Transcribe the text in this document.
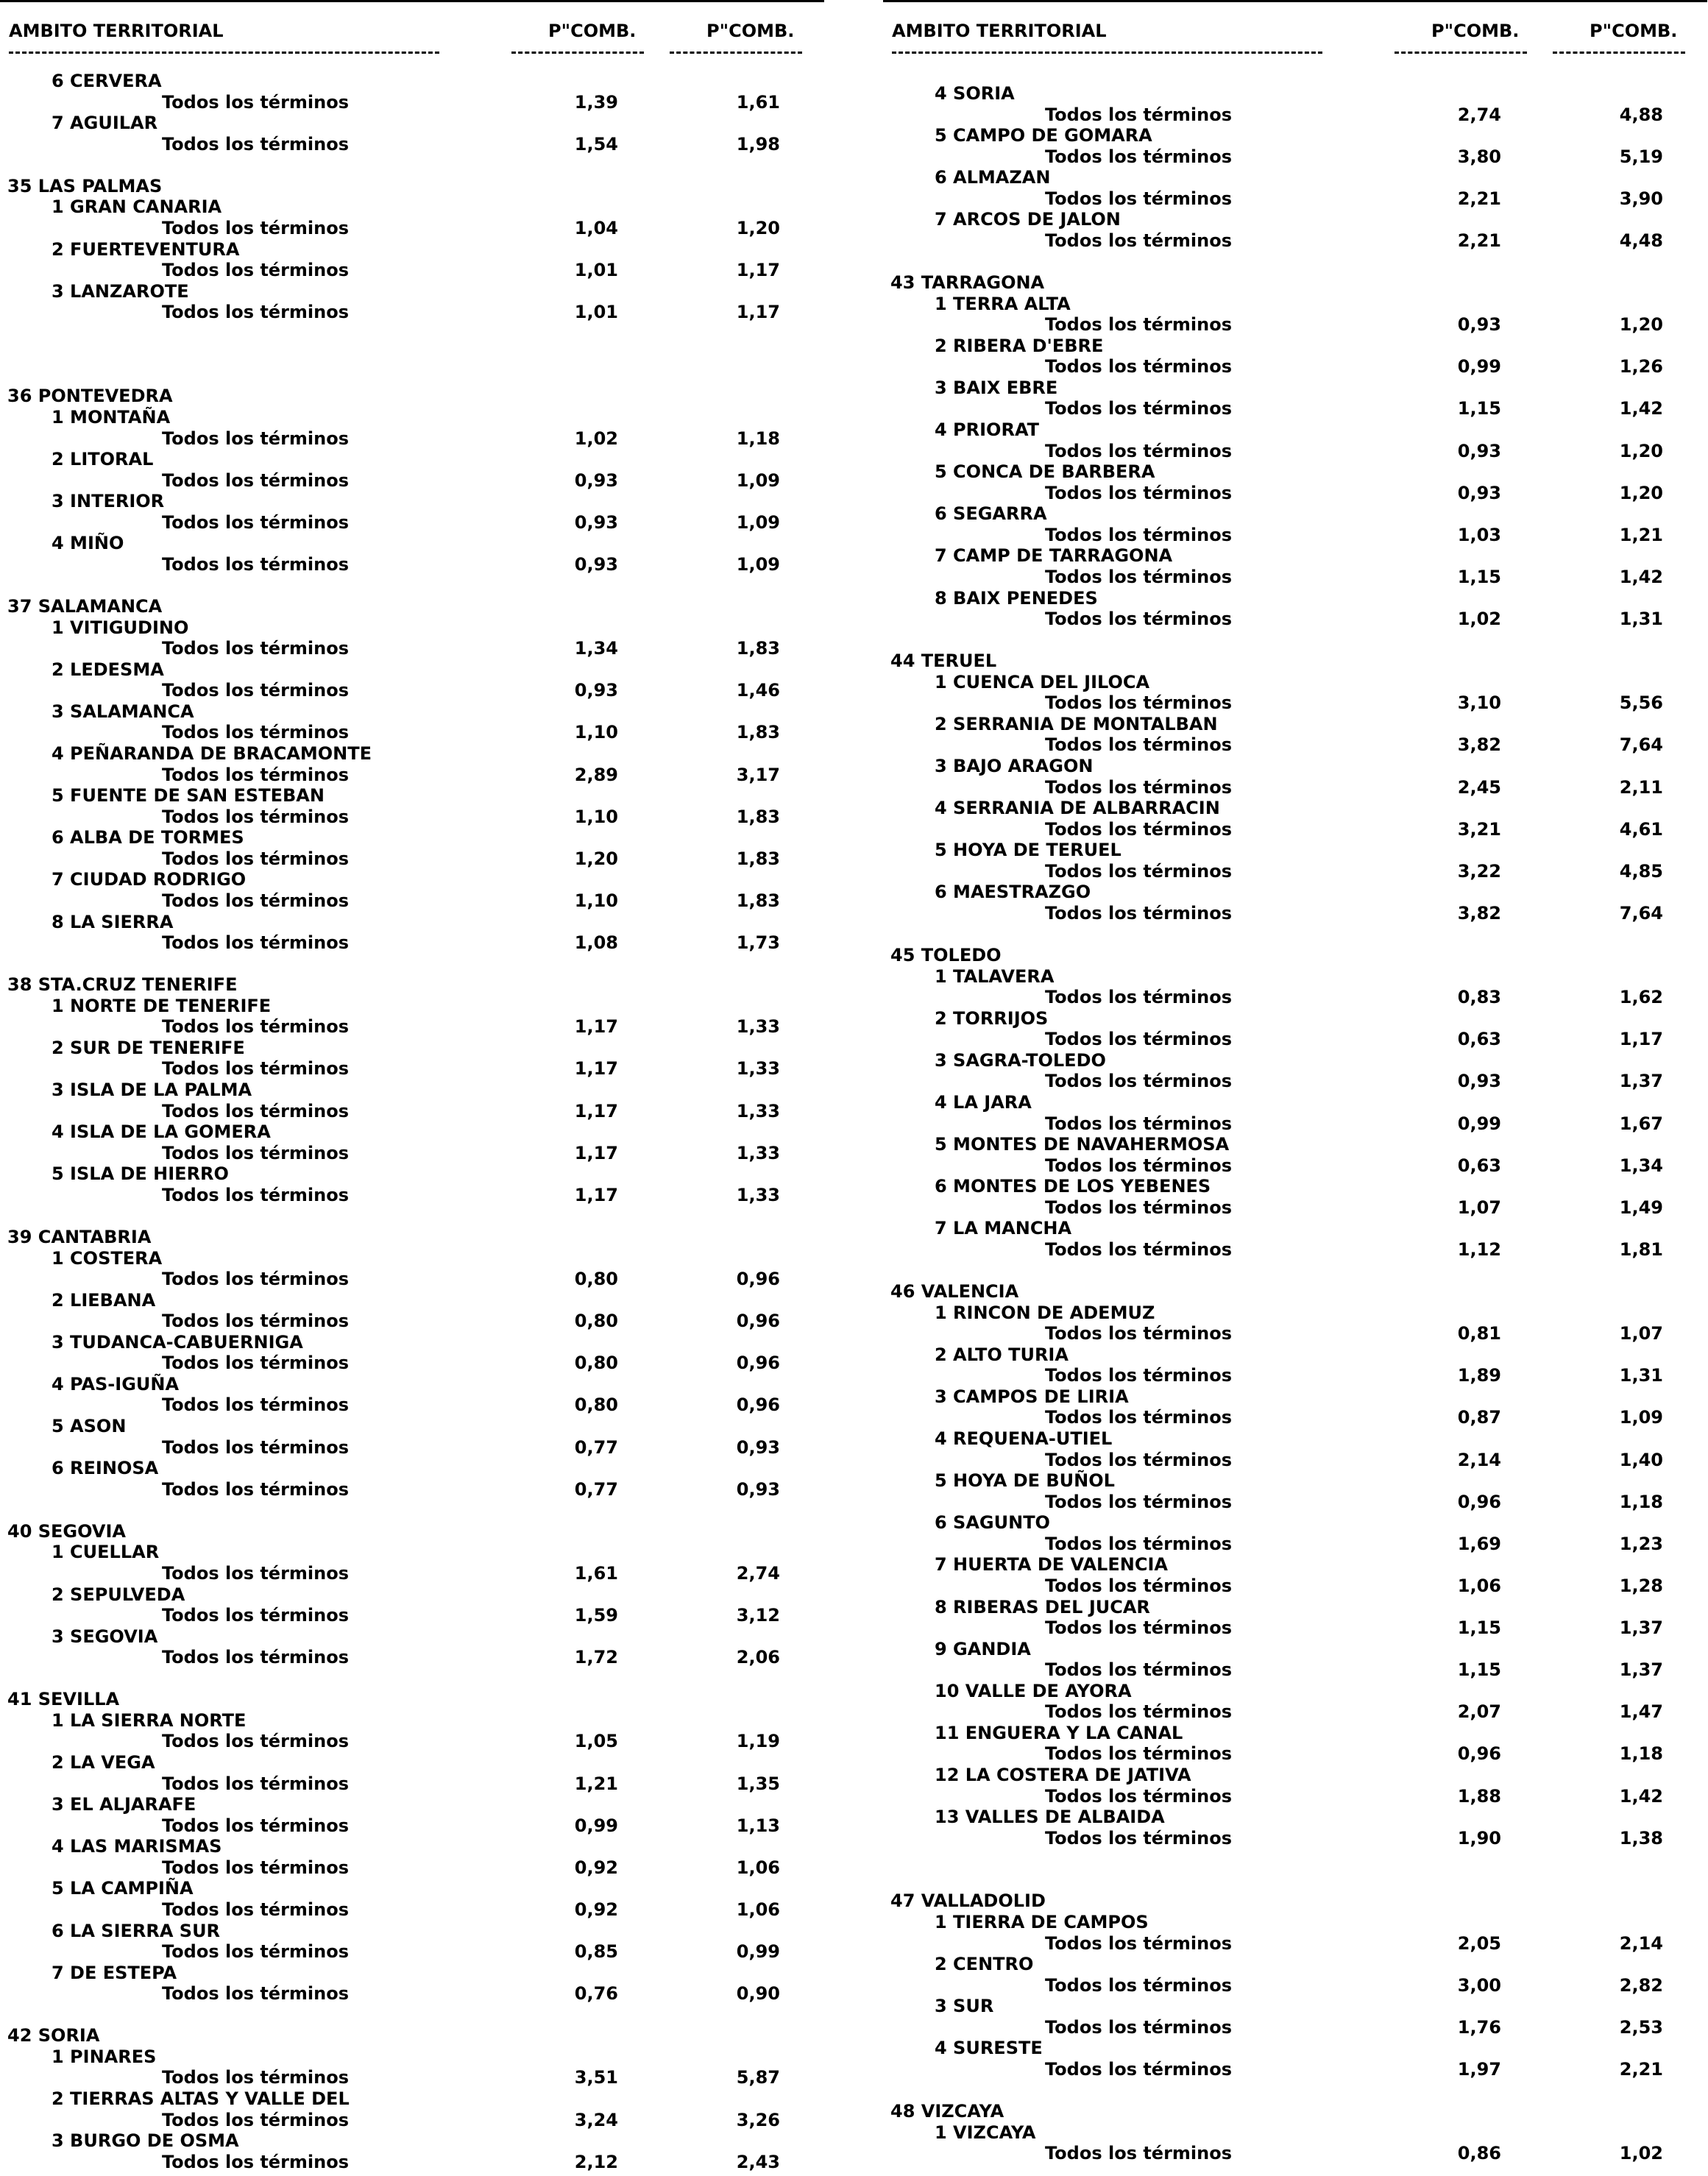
AMBITO TERRITORIAL	P"COMB.	P"COMB.
6 CERVERA
Todos los términos	1,39	1,61
7 AGUILAR
Todos los términos	1,54	1,98
35 LAS PALMAS
1 GRAN CANARIA
Todos los términos	1,04	1,20
2 FUERTEVENTURA
Todos los términos	1,01	1,17
3 LANZAROTE
Todos los términos	1,01	1,17
36 PONTEVEDRA
1 MONTAÑA
Todos los términos	1,02	1,18
2 LITORAL
Todos los términos	0,93	1,09
3 INTERIOR
Todos los términos	0,93	1,09
4 MIÑO
Todos los términos	0,93	1,09
37 SALAMANCA
1 VITIGUDINO
Todos los términos	1,34	1,83
2 LEDESMA
Todos los términos	0,93	1,46
3 SALAMANCA
Todos los términos	1,10	1,83
4 PEÑARANDA DE BRACAMONTE
Todos los términos	2,89	3,17
5 FUENTE DE SAN ESTEBAN
Todos los términos	1,10	1,83
6 ALBA DE TORMES
Todos los términos	1,20	1,83
7 CIUDAD RODRIGO
Todos los términos	1,10	1,83
8 LA SIERRA
Todos los términos	1,08	1,73
38 STA.CRUZ TENERIFE
1 NORTE DE TENERIFE
Todos los términos	1,17	1,33
2 SUR DE TENERIFE
Todos los términos	1,17	1,33
3 ISLA DE LA PALMA
Todos los términos	1,17	1,33
4 ISLA DE LA GOMERA
Todos los términos	1,17	1,33
5 ISLA DE HIERRO
Todos los términos	1,17	1,33
39 CANTABRIA
1 COSTERA
Todos los términos	0,80	0,96
2 LIEBANA
Todos los términos	0,80	0,96
3 TUDANCA-CABUERNIGA
Todos los términos	0,80	0,96
4 PAS-IGUÑA
Todos los términos	0,80	0,96
5 ASON
Todos los términos	0,77	0,93
6 REINOSA
Todos los términos	0,77	0,93
40 SEGOVIA
1 CUELLAR
Todos los términos	1,61	2,74
2 SEPULVEDA
Todos los términos	1,59	3,12
3 SEGOVIA
Todos los términos	1,72	2,06
41 SEVILLA
1 LA SIERRA NORTE
Todos los términos	1,05	1,19
2 LA VEGA
Todos los términos	1,21	1,35
3 EL ALJARAFE
Todos los términos	0,99	1,13
4 LAS MARISMAS
Todos los términos	0,92	1,06
5 LA CAMPIÑA
Todos los términos	0,92	1,06
6 LA SIERRA SUR
Todos los términos	0,85	0,99
7 DE ESTEPA
Todos los términos	0,76	0,90
42 SORIA
1 PINARES
Todos los términos	3,51	5,87
2 TIERRAS ALTAS Y VALLE DEL
Todos los términos	3,24	3,26
3 BURGO DE OSMA
Todos los términos	2,12	2,43
AMBITO TERRITORIAL	P"COMB.	P"COMB.
4 SORIA
Todos los términos	2,74	4,88
5 CAMPO DE GOMARA
Todos los términos	3,80	5,19
6 ALMAZAN
Todos los términos	2,21	3,90
7 ARCOS DE JALON
Todos los términos	2,21	4,48
43 TARRAGONA
1 TERRA ALTA
Todos los términos	0,93	1,20
2 RIBERA D'EBRE
Todos los términos	0,99	1,26
3 BAIX EBRE
Todos los términos	1,15	1,42
4 PRIORAT
Todos los términos	0,93	1,20
5 CONCA DE BARBERA
Todos los términos	0,93	1,20
6 SEGARRA
Todos los términos	1,03	1,21
7 CAMP DE TARRAGONA
Todos los términos	1,15	1,42
8 BAIX PENEDES
Todos los términos	1,02	1,31
44 TERUEL
1 CUENCA DEL JILOCA
Todos los términos	3,10	5,56
2 SERRANIA DE MONTALBAN
Todos los términos	3,82	7,64
3 BAJO ARAGON
Todos los términos	2,45	2,11
4 SERRANIA DE ALBARRACIN
Todos los términos	3,21	4,61
5 HOYA DE TERUEL
Todos los términos	3,22	4,85
6 MAESTRAZGO
Todos los términos	3,82	7,64
45 TOLEDO
1 TALAVERA
Todos los términos	0,83	1,62
2 TORRIJOS
Todos los términos	0,63	1,17
3 SAGRA-TOLEDO
Todos los términos	0,93	1,37
4 LA JARA
Todos los términos	0,99	1,67
5 MONTES DE NAVAHERMOSA
Todos los términos	0,63	1,34
6 MONTES DE LOS YEBENES
Todos los términos	1,07	1,49
7 LA MANCHA
Todos los términos	1,12	1,81
46 VALENCIA
1 RINCON DE ADEMUZ
Todos los términos	0,81	1,07
2 ALTO TURIA
Todos los términos	1,89	1,31
3 CAMPOS DE LIRIA
Todos los términos	0,87	1,09
4 REQUENA-UTIEL
Todos los términos	2,14	1,40
5 HOYA DE BUÑOL
Todos los términos	0,96	1,18
6 SAGUNTO
Todos los términos	1,69	1,23
7 HUERTA DE VALENCIA
Todos los términos	1,06	1,28
8 RIBERAS DEL JUCAR
Todos los términos	1,15	1,37
9 GANDIA
Todos los términos	1,15	1,37
10 VALLE DE AYORA
Todos los términos	2,07	1,47
11 ENGUERA Y LA CANAL
Todos los términos	0,96	1,18
12 LA COSTERA DE JATIVA
Todos los términos	1,88	1,42
13 VALLES DE ALBAIDA
Todos los términos	1,90	1,38
47 VALLADOLID
1 TIERRA DE CAMPOS
Todos los términos	2,05	2,14
2 CENTRO
Todos los términos	3,00	2,82
3 SUR
Todos los términos	1,76	2,53
4 SURESTE
Todos los términos	1,97	2,21
48 VIZCAYA
1 VIZCAYA
Todos los términos	0,86	1,02
